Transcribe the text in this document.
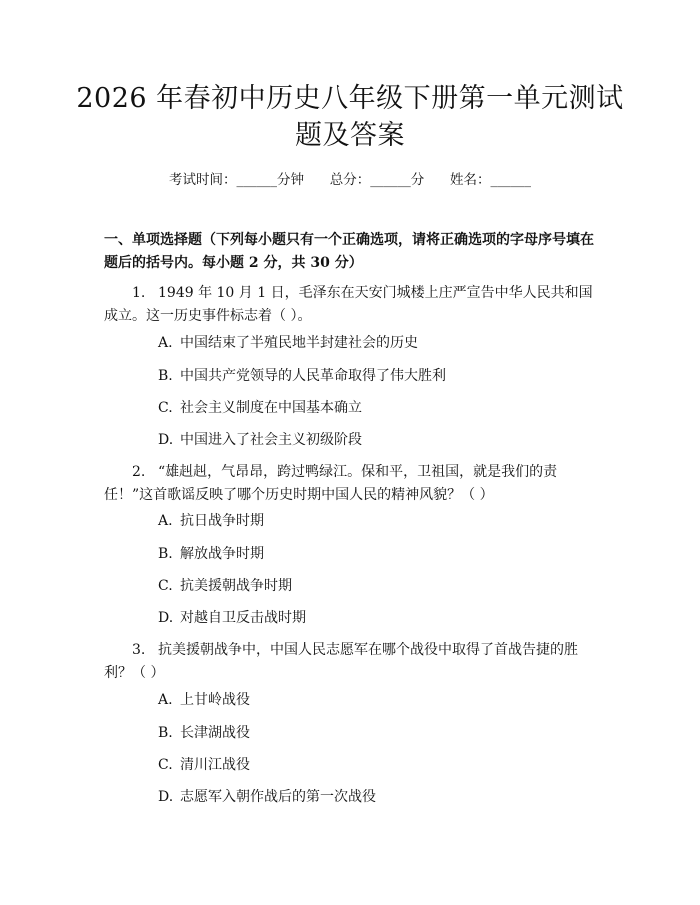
2026 年春初中历史八年级下册第一单元测试
题及答案
考试时间：______分钟      总分：______分      姓名：______
一、单项选择题（下列每小题只有一个正确选项，请将正确选项的字母序号填在题后的括号内。每小题 2 分，共 30 分）
1. 1949 年 10 月 1 日，毛泽东在天安门城楼上庄严宣告中华人民共和国成立。这一历史事件标志着（ ）。
A. 中国结束了半殖民地半封建社会的历史
B. 中国共产党领导的人民革命取得了伟大胜利
C. 社会主义制度在中国基本确立
D. 中国进入了社会主义初级阶段
2. “雄赳赳，气昂昂，跨过鸭绿江。保和平，卫祖国，就是我们的责任！”这首歌谣反映了哪个历史时期中国人民的精神风貌？（ ）
A. 抗日战争时期
B. 解放战争时期
C. 抗美援朝战争时期
D. 对越自卫反击战时期
3. 抗美援朝战争中，中国人民志愿军在哪个战役中取得了首战告捷的胜利？（ ）
A. 上甘岭战役
B. 长津湖战役
C. 清川江战役
D. 志愿军入朝作战后的第一次战役
